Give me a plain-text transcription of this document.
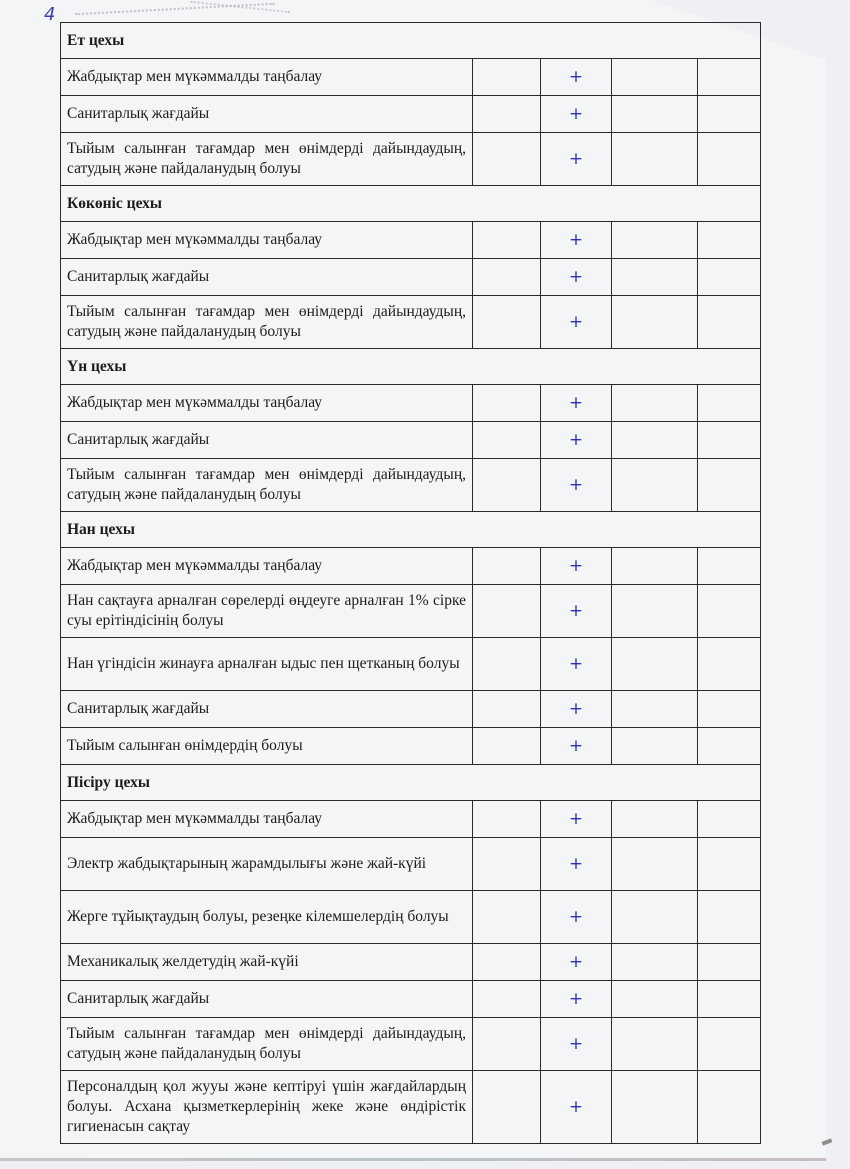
4
Ет цехы				
Жабдықтар мен мүкәммалды таңбалау		+		
Санитарлық жағдайы		+		
Тыйым салынған тағамдар мен өнімдерді дайындаудың, сатудың және пайдаланудың болуы		+		
Көкөніс цехы				
Жабдықтар мен мүкәммалды таңбалау		+		
Санитарлық жағдайы		+		
Тыйым салынған тағамдар мен өнімдерді дайындаудың, сатудың және пайдаланудың болуы		+		
Үн цехы				
Жабдықтар мен мүкәммалды таңбалау		+		
Санитарлық жағдайы		+		
Тыйым салынған тағамдар мен өнімдерді дайындаудың, сатудың және пайдаланудың болуы		+		
Нан цехы				
Жабдықтар мен мүкәммалды таңбалау		+		
Нан сақтауға арналған сөрелерді өңдеуге арналған 1% сірке суы ерітіндісінің болуы		+		
Нан үгіндісін жинауға арналған ыдыс пен щетканың болуы		+		
Санитарлық жағдайы		+		
Тыйым салынған өнімдердің болуы		+		
Пісіру цехы				
Жабдықтар мен мүкәммалды таңбалау		+		
Электр жабдықтарының жарамдылығы және жай-күйі		+		
Жерге тұйықтаудың болуы, резеңке кілемшелердің болуы		+		
Механикалық желдетудің жай-күйі		+		
Санитарлық жағдайы		+		
Тыйым салынған тағамдар мен өнімдерді дайындаудың, сатудың және пайдаланудың болуы		+		
Персоналдың қол жууы және кептіруі үшін жағдайлардың болуы. Асхана қызметкерлерінің жеке және өндірістік гигиенасын сақтау		+		
